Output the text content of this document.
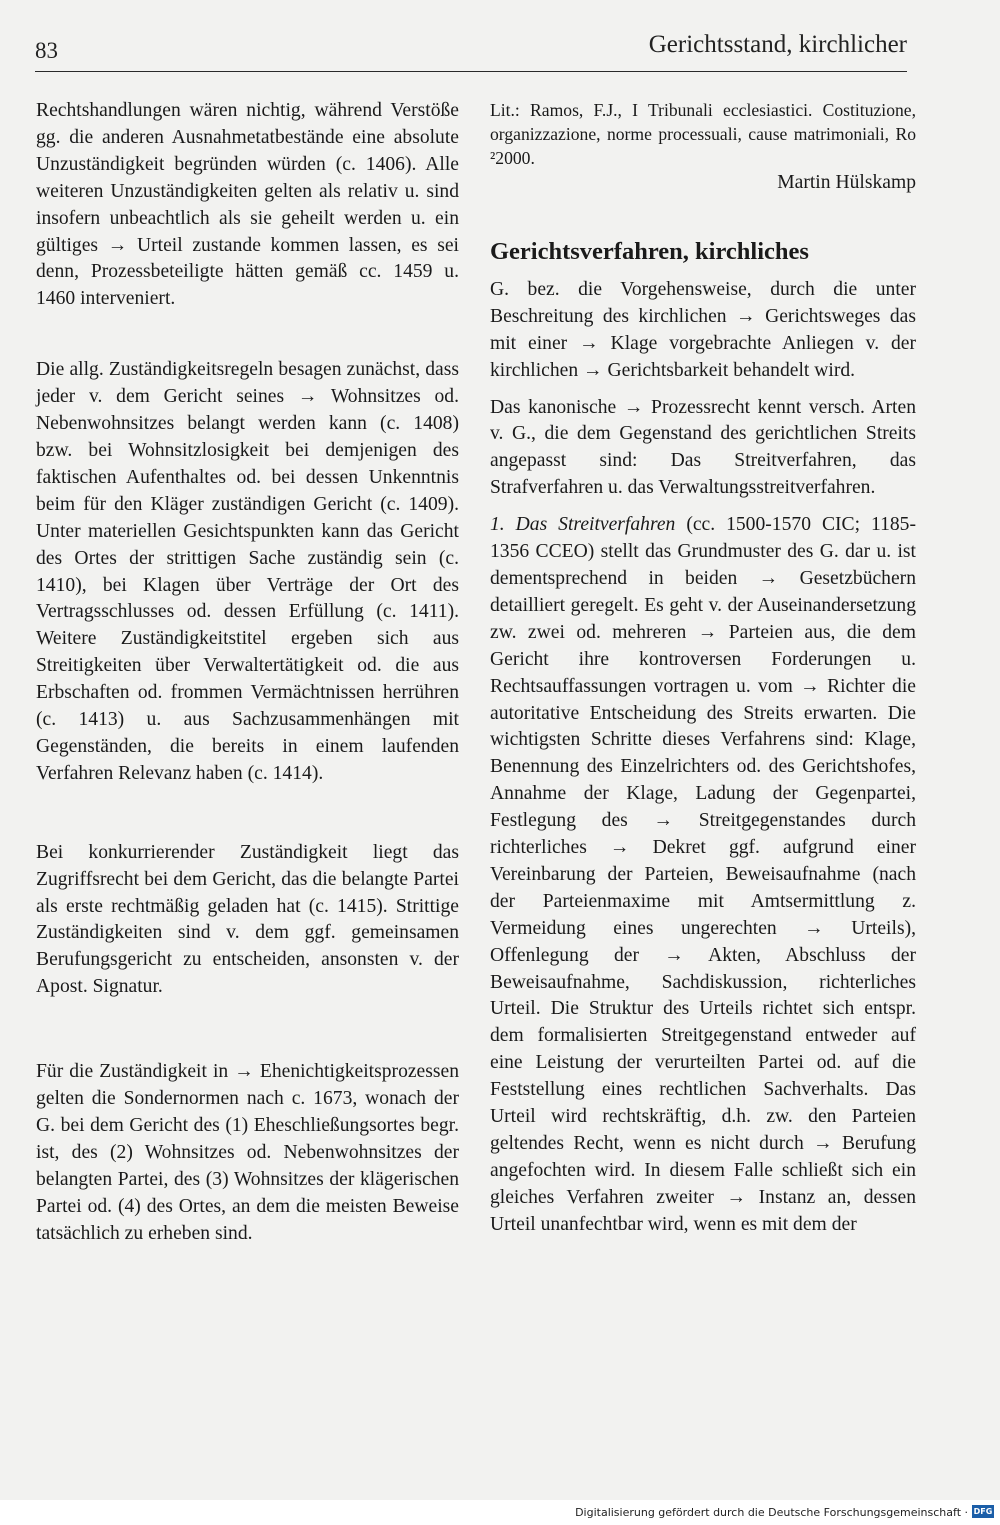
83	Gerichtsstand, kirchlicher

Rechtshandlungen wären nichtig, während Verstöße gg. die anderen Ausnahmetatbestände eine absolute Unzuständigkeit begründen würden (c. 1406). Alle weiteren Unzuständigkeiten gelten als relativ u. sind insofern unbeachtlich als sie geheilt werden u. ein gültiges → Urteil zustande kommen lassen, es sei denn, Prozessbeteiligte hätten gemäß cc. 1459 u. 1460 interveniert.

Die allg. Zuständigkeitsregeln besagen zunächst, dass jeder v. dem Gericht seines → Wohnsitzes od. Nebenwohnsitzes belangt werden kann (c. 1408) bzw. bei Wohnsitzlosigkeit bei demjenigen des faktischen Aufenthaltes od. bei dessen Unkenntnis beim für den Kläger zuständigen Gericht (c. 1409). Unter materiellen Gesichtspunkten kann das Gericht des Ortes der strittigen Sache zuständig sein (c. 1410), bei Klagen über Verträge der Ort des Vertragsschlusses od. dessen Erfüllung (c. 1411). Weitere Zuständigkeitstitel ergeben sich aus Streitigkeiten über Verwaltertätigkeit od. die aus Erbschaften od. frommen Vermächtnissen herrühren (c. 1413) u. aus Sachzusammenhängen mit Gegenständen, die bereits in einem laufenden Verfahren Relevanz haben (c. 1414).

Bei konkurrierender Zuständigkeit liegt das Zugriffsrecht bei dem Gericht, das die belangte Partei als erste rechtmäßig geladen hat (c. 1415). Strittige Zuständigkeiten sind v. dem ggf. gemeinsamen Berufungsgericht zu entscheiden, ansonsten v. der Apost. Signatur.

Für die Zuständigkeit in → Ehenichtigkeitsprozessen gelten die Sondernormen nach c. 1673, wonach der G. bei dem Gericht des (1) Eheschließungsortes begr. ist, des (2) Wohnsitzes od. Nebenwohnsitzes der belangten Partei, des (3) Wohnsitzes der klägerischen Partei od. (4) des Ortes, an dem die meisten Beweise tatsächlich zu erheben sind.

Lit.: Ramos, F.J., I Tribunali ecclesiastici. Costituzione, organizzazione, norme processuali, cause matrimoniali, Ro ²2000.

Martin Hülskamp

Gerichtsverfahren, kirchliches

G. bez. die Vorgehensweise, durch die unter Beschreitung des kirchlichen → Gerichtsweges das mit einer → Klage vorgebrachte Anliegen v. der kirchlichen → Gerichtsbarkeit behandelt wird.

Das kanonische → Prozessrecht kennt versch. Arten v. G., die dem Gegenstand des gerichtlichen Streits angepasst sind: Das Streitverfahren, das Strafverfahren u. das Verwaltungsstreitverfahren.

1. Das Streitverfahren (cc. 1500-1570 CIC; 1185-1356 CCEO) stellt das Grundmuster des G. dar u. ist dementsprechend in beiden → Gesetzbüchern detailliert geregelt. Es geht v. der Auseinandersetzung zw. zwei od. mehreren → Parteien aus, die dem Gericht ihre kontroversen Forderungen u. Rechtsauffassungen vortragen u. vom → Richter die autoritative Entscheidung des Streits erwarten. Die wichtigsten Schritte dieses Verfahrens sind: Klage, Benennung des Einzelrichters od. des Gerichtshofes, Annahme der Klage, Ladung der Gegenpartei, Festlegung des → Streitgegenstandes durch richterliches → Dekret ggf. aufgrund einer Vereinbarung der Parteien, Beweisaufnahme (nach der Parteienmaxime mit Amtsermittlung z. Vermeidung eines ungerechten → Urteils), Offenlegung der → Akten, Abschluss der Beweisaufnahme, Sachdiskussion, richterliches Urteil. Die Struktur des Urteils richtet sich entspr. dem formalisierten Streitgegenstand entweder auf eine Leistung der verurteilten Partei od. auf die Feststellung eines rechtlichen Sachverhalts. Das Urteil wird rechtskräftig, d.h. zw. den Parteien geltendes Recht, wenn es nicht durch → Berufung angefochten wird. In diesem Falle schließt sich ein gleiches Verfahren zweiter → Instanz an, dessen Urteil unanfechtbar wird, wenn es mit dem der

Digitalisierung gefördert durch die Deutsche Forschungsgemeinschaft · DFG
